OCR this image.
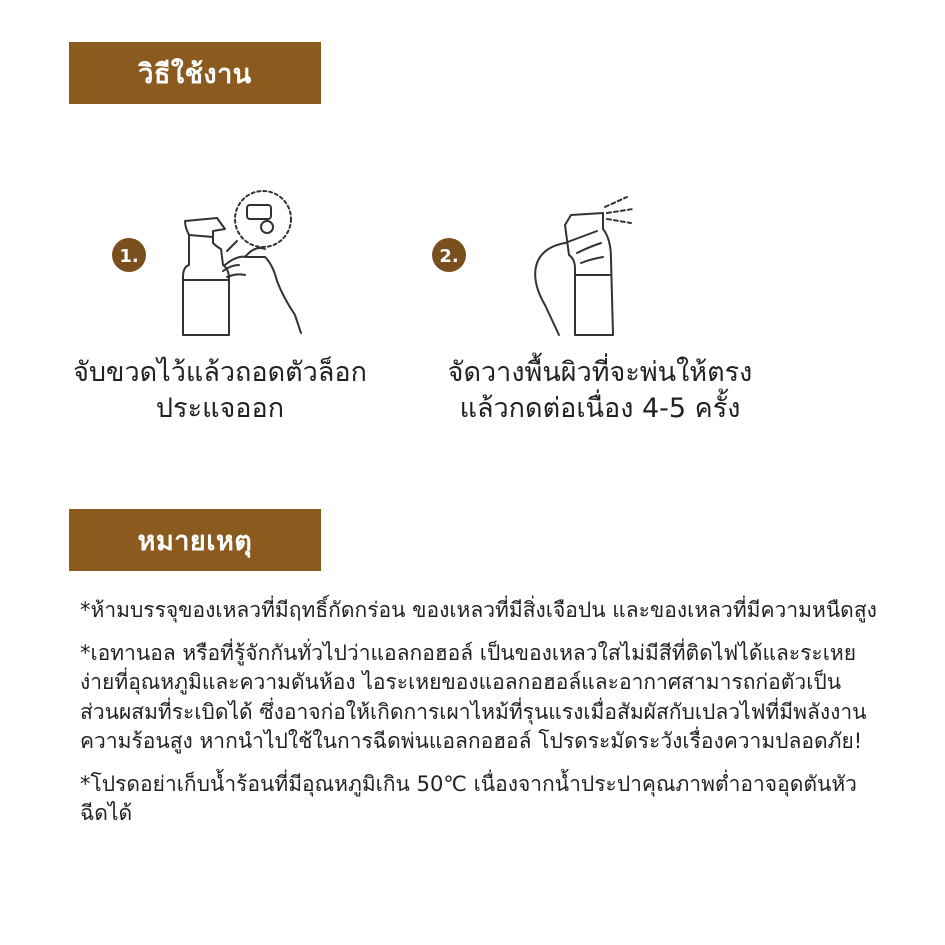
วิธีใช้งาน
1.
จับขวดไว้แล้วถอดตัวล็อก
ประแจออก
2.
จัดวางพื้นผิวที่จะพ่นให้ตรง
แล้วกดต่อเนื่อง 4-5 ครั้ง
หมายเหตุ

*ห้ามบรรจุของเหลวที่มีฤทธิ์กัดกร่อน ของเหลวที่มีสิ่งเจือปน และของเหลวที่มีความหนืดสูง

*เอทานอล หรือที่รู้จักกันทั่วไปว่าแอลกอฮอล์ เป็นของเหลวใสไม่มีสีที่ติดไฟได้และระเหยง่ายที่อุณหภูมิและความดันห้อง ไอระเหยของแอลกอฮอล์และอากาศสามารถก่อตัวเป็นส่วนผสมที่ระเบิดได้ ซึ่งอาจก่อให้เกิดการเผาไหม้ที่รุนแรงเมื่อสัมผัสกับเปลวไฟที่มีพลังงานความร้อนสูง หากนำไปใช้ในการฉีดพ่นแอลกอฮอล์ โปรดระมัดระวังเรื่องความปลอดภัย!

*โปรดอย่าเก็บน้ำร้อนที่มีอุณหภูมิเกิน 50℃ เนื่องจากน้ำประปาคุณภาพต่ำอาจอุดตันหัวฉีดได้
